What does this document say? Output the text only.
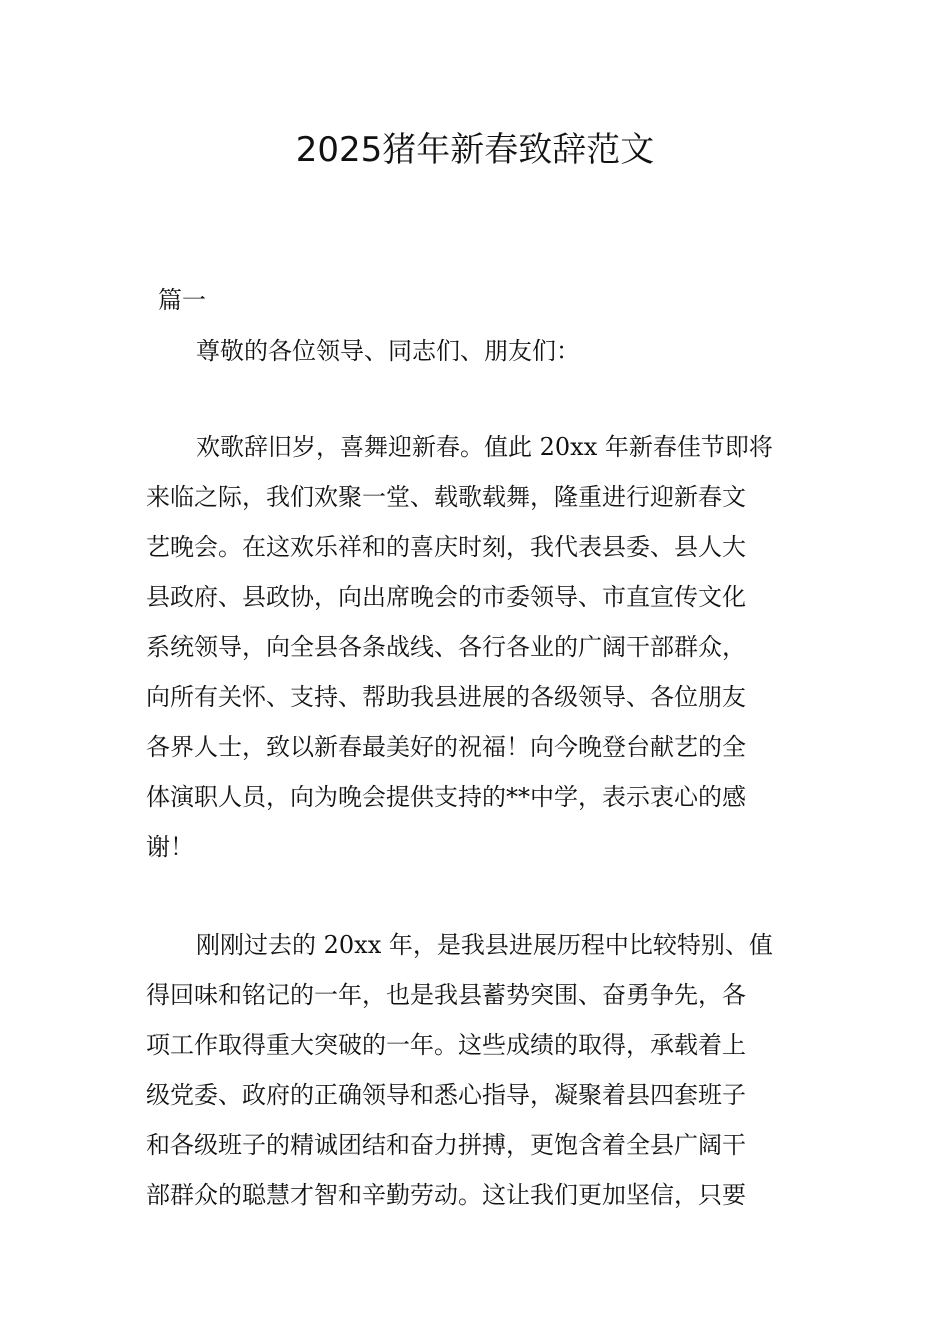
2025猪年新春致辞范文

篇一

尊敬的各位领导、同志们、朋友们：

欢歌辞旧岁，喜舞迎新春。值此 20xx 年新春佳节即将
来临之际，我们欢聚一堂、载歌载舞，隆重进行迎新春文
艺晚会。在这欢乐祥和的喜庆时刻，我代表县委、县人大
县政府、县政协，向出席晚会的市委领导、市直宣传文化
系统领导，向全县各条战线、各行各业的广阔干部群众，
向所有关怀、支持、帮助我县进展的各级领导、各位朋友
各界人士，致以新春最美好的祝福！向今晚登台献艺的全
体演职人员，向为晚会提供支持的**中学，表示衷心的感
谢！
刚刚过去的 20xx 年，是我县进展历程中比较特别、值
得回味和铭记的一年，也是我县蓄势突围、奋勇争先，各
项工作取得重大突破的一年。这些成绩的取得，承载着上
级党委、政府的正确领导和悉心指导，凝聚着县四套班子
和各级班子的精诚团结和奋力拼搏，更饱含着全县广阔干
部群众的聪慧才智和辛勤劳动。这让我们更加坚信，只要
